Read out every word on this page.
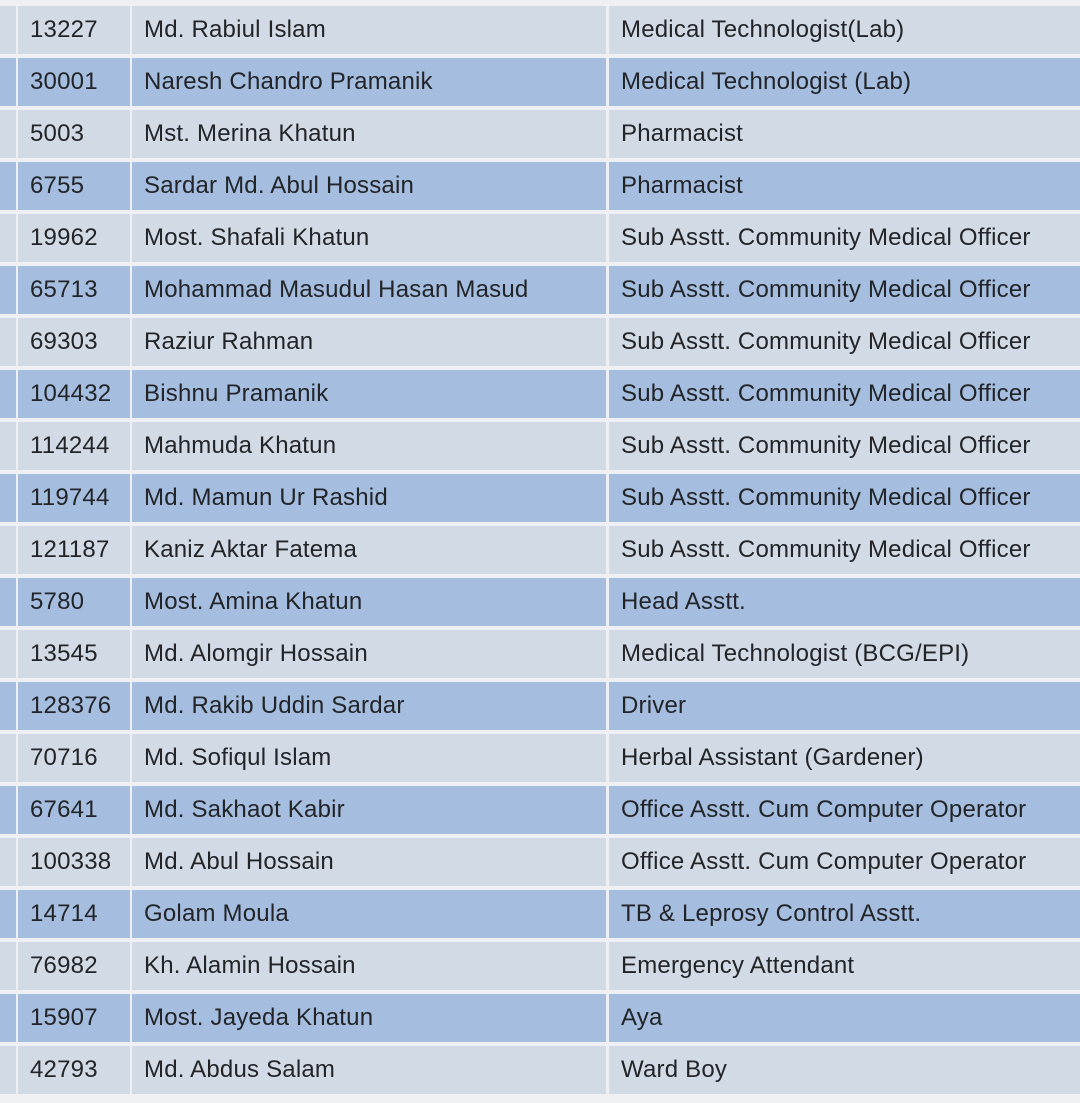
13227	Md. Rabiul Islam	Medical Technologist(Lab)
30001	Naresh Chandro Pramanik	Medical Technologist (Lab)
5003	Mst. Merina Khatun	Pharmacist
6755	Sardar Md. Abul Hossain	Pharmacist
19962	Most. Shafali Khatun	Sub Asstt. Community Medical Officer
65713	Mohammad Masudul Hasan Masud	Sub Asstt. Community Medical Officer
69303	Raziur Rahman	Sub Asstt. Community Medical Officer
104432	Bishnu Pramanik	Sub Asstt. Community Medical Officer
114244	Mahmuda Khatun	Sub Asstt. Community Medical Officer
119744	Md. Mamun Ur Rashid	Sub Asstt. Community Medical Officer
121187	Kaniz Aktar Fatema	Sub Asstt. Community Medical Officer
5780	Most. Amina Khatun	Head Asstt.
13545	Md. Alomgir Hossain	Medical Technologist (BCG/EPI)
128376	Md. Rakib Uddin Sardar	Driver
70716	Md. Sofiqul Islam	Herbal Assistant (Gardener)
67641	Md. Sakhaot Kabir	Office Asstt. Cum Computer Operator
100338	Md. Abul Hossain	Office Asstt. Cum Computer Operator
14714	Golam Moula	TB & Leprosy Control Asstt.
76982	Kh. Alamin Hossain	Emergency Attendant
15907	Most. Jayeda Khatun	Aya
42793	Md. Abdus Salam	Ward Boy
